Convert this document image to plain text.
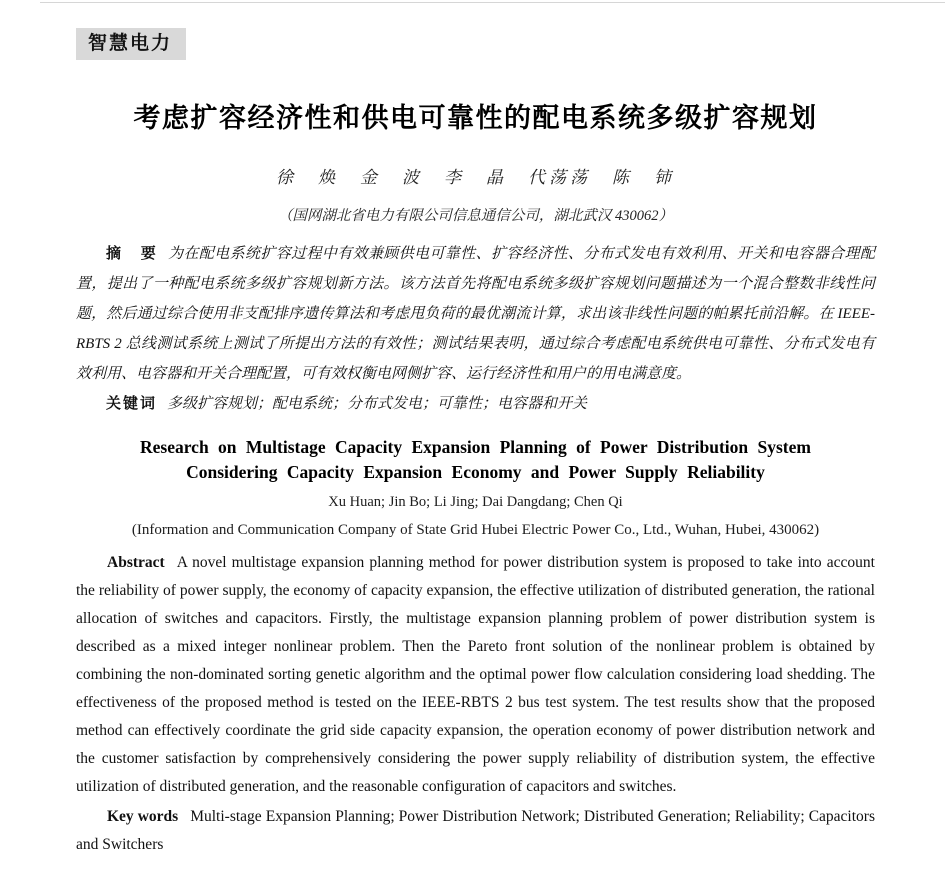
智慧电力
考虑扩容经济性和供电可靠性的配电系统多级扩容规划
徐　焕　金　波　李　晶　代荡荡　陈　铈
（国网湖北省电力有限公司信息通信公司，湖北武汉 430062）

摘　要 为在配电系统扩容过程中有效兼顾供电可靠性、扩容经济性、分布式发电有效利用、开关和电容器合理配置，提出了一种配电系统多级扩容规划新方法。该方法首先将配电系统多级扩容规划问题描述为一个混合整数非线性问题，然后通过综合使用非支配排序遗传算法和考虑甩负荷的最优潮流计算，求出该非线性问题的帕累托前沿解。在 IEEE-RBTS 2 总线测试系统上测试了所提出方法的有效性；测试结果表明，通过综合考虑配电系统供电可靠性、分布式发电有效利用、电容器和开关合理配置，可有效权衡电网侧扩容、运行经济性和用户的用电满意度。

关键词 多级扩容规划；配电系统；分布式发电；可靠性；电容器和开关

Research on Multistage Capacity Expansion Planning of Power Distribution System
Considering Capacity Expansion Economy and Power Supply Reliability
Xu Huan; Jin Bo; Li Jing; Dai Dangdang; Chen Qi
(Information and Communication Company of State Grid Hubei Electric Power Co., Ltd., Wuhan, Hubei, 430062)

Abstract A novel multistage expansion planning method for power distribution system is proposed to take into account the reliability of power supply, the economy of capacity expansion, the effective utilization of distributed generation, the rational allocation of switches and capacitors. Firstly, the multistage expansion planning problem of power distribution system is described as a mixed integer nonlinear problem. Then the Pareto front solution of the nonlinear problem is obtained by combining the non-dominated sorting genetic algorithm and the optimal power flow calculation considering load shedding. The effectiveness of the proposed method is tested on the IEEE-RBTS 2 bus test system. The test results show that the proposed method can effectively coordinate the grid side capacity expansion, the operation economy of power distribution network and the customer satisfaction by comprehensively considering the power supply reliability of distribution system, the effective utilization of distributed generation, and the reasonable configuration of capacitors and switches.

Key words Multi-stage Expansion Planning; Power Distribution Network; Distributed Generation; Reliability; Capacitors and Switchers
